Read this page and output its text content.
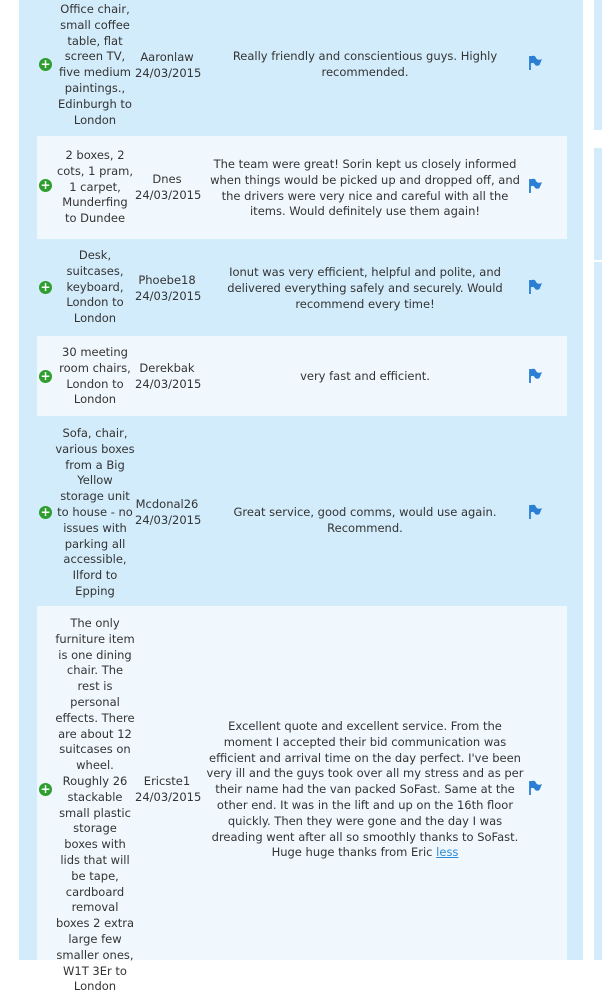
+
Office chair, small coffee table, flat screen TV, five medium paintings., Edinburgh to London
Aaronlaw
24/03/2015
Really friendly and conscientious guys. Highly recommended.
+
2 boxes, 2 cots, 1 pram, 1 carpet, Munderfing to Dundee
Dnes
24/03/2015
The team were great! Sorin kept us closely informed when things would be picked up and dropped off, and the drivers were very nice and careful with all the items. Would definitely use them again!
+
Desk, suitcases, keyboard, London to London
Phoebe18
24/03/2015
Ionut was very efficient, helpful and polite, and delivered everything safely and securely. Would recommend every time!
+
30 meeting room chairs, London to London
Derekbak
24/03/2015
very fast and efficient.
+
Sofa, chair, various boxes from a Big Yellow storage unit to house - no issues with parking all accessible, Ilford to Epping
Mcdonal26
24/03/2015
Great service, good comms, would use again. Recommend.
+
The only furniture item is one dining chair. The rest is personal effects. There are about 12 suitcases on wheel. Roughly 26 stackable small plastic storage boxes with lids that will be tape, cardboard removal boxes 2 extra large few smaller ones, W1T 3Er to London
Ericste1
24/03/2015
Excellent quote and excellent service. From the moment I accepted their bid communication was efficient and arrival time on the day perfect. I've been very ill and the guys took over all my stress and as per their name had the van packed SoFast. Same at the other end. It was in the lift and up on the 16th floor quickly. Then they were gone and the day I was dreading went after all so smoothly thanks to SoFast. Huge huge thanks from Eric less
